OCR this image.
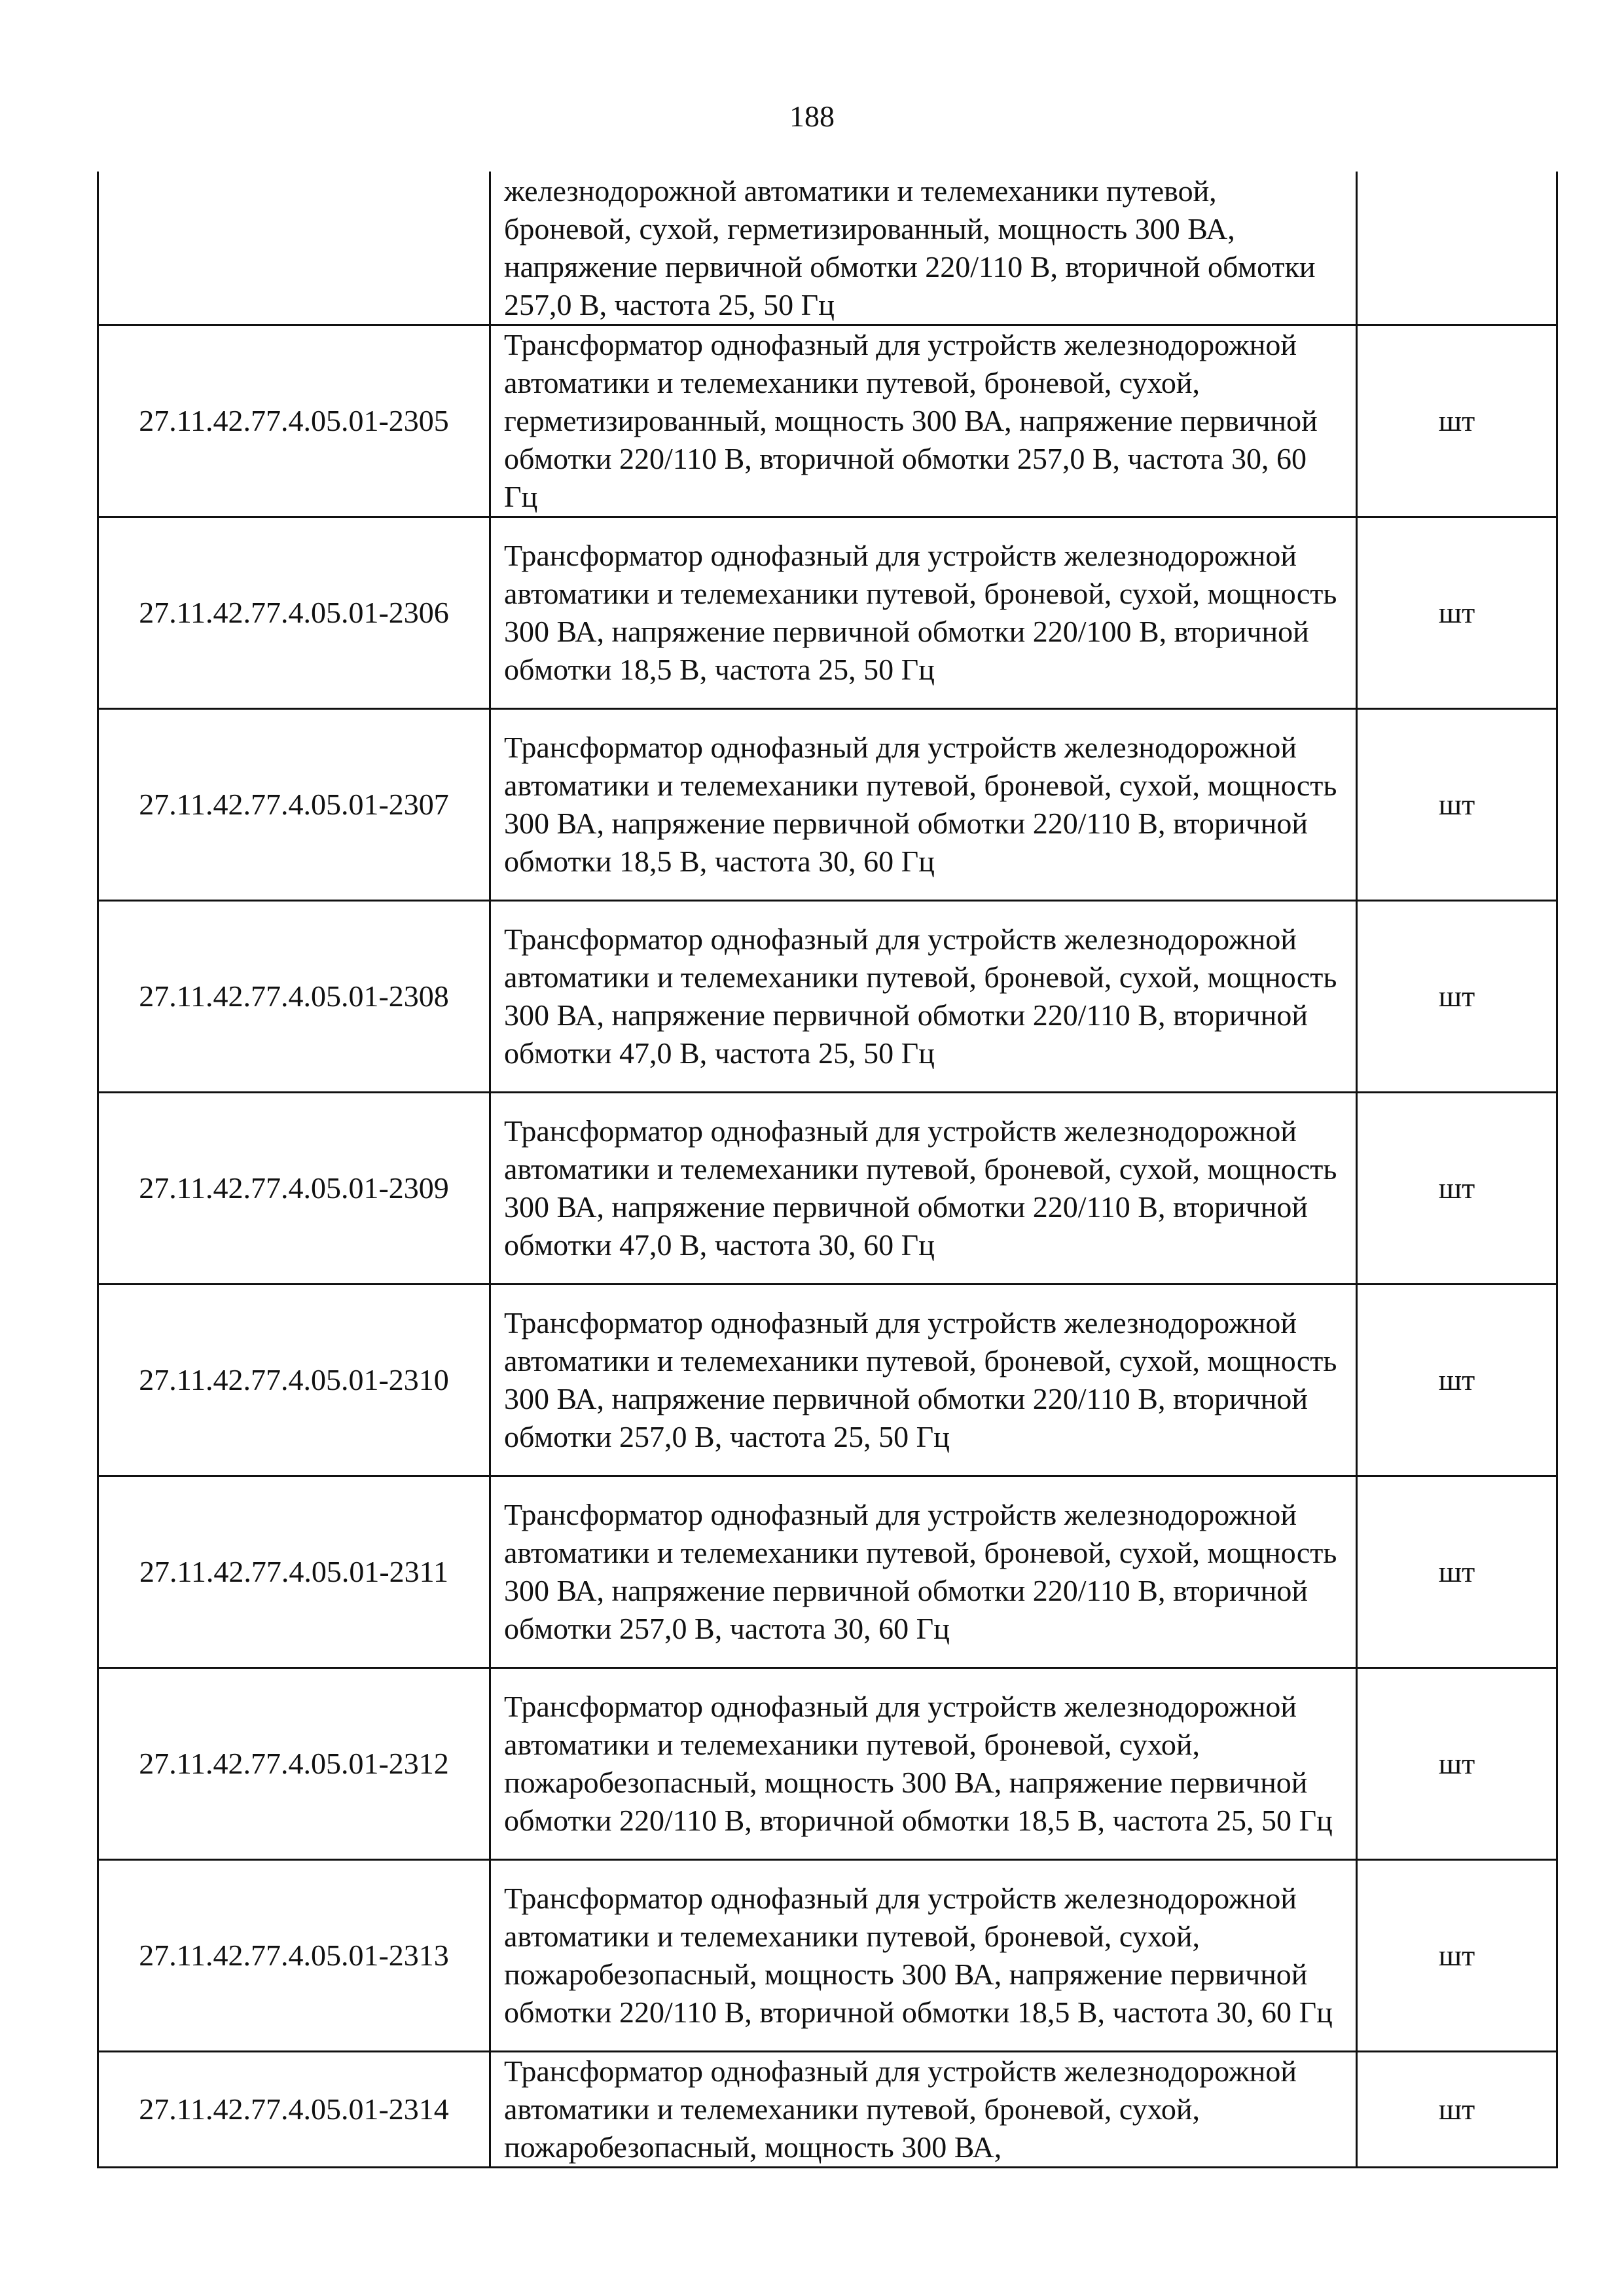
188

	железнодорожной автоматики и телемеханики путевой, броневой, сухой, герметизированный, мощность 300 ВА, напряжение первичной обмотки 220/110 В, вторичной обмотки 257,0 В, частота 25, 50 Гц	

27.11.42.77.4.05.01-2305	Трансформатор однофазный для устройств железнодорожной автоматики и телемеханики путевой, броневой, сухой, герметизированный, мощность 300 ВА, напряжение первичной обмотки 220/110 В, вторичной обмотки 257,0 В, частота 30, 60 Гц	шт
27.11.42.77.4.05.01-2306	Трансформатор однофазный для устройств железнодорожной автоматики и телемеханики путевой, броневой, сухой, мощность 300 ВА, напряжение первичной обмотки 220/100 В, вторичной обмотки 18,5 В, частота 25, 50 Гц	шт
27.11.42.77.4.05.01-2307	Трансформатор однофазный для устройств железнодорожной автоматики и телемеханики путевой, броневой, сухой, мощность 300 ВА, напряжение первичной обмотки 220/110 В, вторичной обмотки 18,5 В, частота 30, 60 Гц	шт
27.11.42.77.4.05.01-2308	Трансформатор однофазный для устройств железнодорожной автоматики и телемеханики путевой, броневой, сухой, мощность 300 ВА, напряжение первичной обмотки 220/110 В, вторичной обмотки 47,0 В, частота 25, 50 Гц	шт
27.11.42.77.4.05.01-2309	Трансформатор однофазный для устройств железнодорожной автоматики и телемеханики путевой, броневой, сухой, мощность 300 ВА, напряжение первичной обмотки 220/110 В, вторичной обмотки 47,0 В, частота 30, 60 Гц	шт
27.11.42.77.4.05.01-2310	Трансформатор однофазный для устройств железнодорожной автоматики и телемеханики путевой, броневой, сухой, мощность 300 ВА, напряжение первичной обмотки 220/110 В, вторичной обмотки 257,0 В, частота 25, 50 Гц	шт
27.11.42.77.4.05.01-2311	Трансформатор однофазный для устройств железнодорожной автоматики и телемеханики путевой, броневой, сухой, мощность 300 ВА, напряжение первичной обмотки 220/110 В, вторичной обмотки 257,0 В, частота 30, 60 Гц	шт
27.11.42.77.4.05.01-2312	Трансформатор однофазный для устройств железнодорожной автоматики и телемеханики путевой, броневой, сухой, пожаробезопасный, мощность 300 ВА, напряжение первичной обмотки 220/110 В, вторичной обмотки 18,5 В, частота 25, 50 Гц	шт
27.11.42.77.4.05.01-2313	Трансформатор однофазный для устройств железнодорожной автоматики и телемеханики путевой, броневой, сухой, пожаробезопасный, мощность 300 ВА, напряжение первичной обмотки 220/110 В, вторичной обмотки 18,5 В, частота 30, 60 Гц	шт
27.11.42.77.4.05.01-2314	Трансформатор однофазный для устройств железнодорожной автоматики и телемеханики путевой, броневой, сухой, пожаробезопасный, мощность 300 ВА,	шт
